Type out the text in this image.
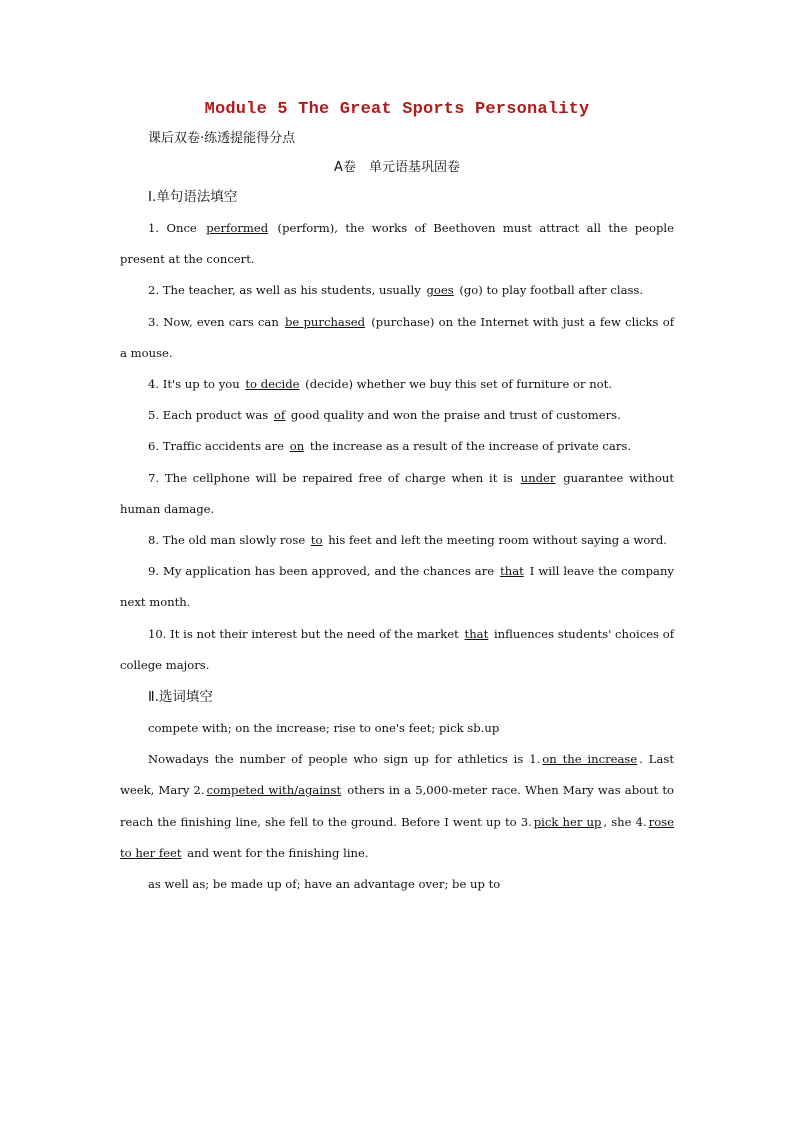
Module 5 The Great Sports Personality
课后双卷·练透提能得分点
A卷　单元语基巩固卷
Ⅰ.单句语法填空

1. Once performed (perform), the works of Beethoven must attract all the people present at the concert.

2. The teacher, as well as his students, usually goes (go) to play football after class.

3. Now, even cars can be purchased (purchase) on the Internet with just a few clicks of a mouse.

4. It's up to you to decide (decide) whether we buy this set of furniture or not.

5. Each product was of good quality and won the praise and trust of customers.

6. Traffic accidents are on the increase as a result of the increase of private cars.

7. The cellphone will be repaired free of charge when it is under guarantee without human damage.

8. The old man slowly rose to his feet and left the meeting room without saying a word.

9. My application has been approved, and the chances are that I will leave the company next month.

10. It is not their interest but the need of the market that influences students' choices of college majors.

Ⅱ.选词填空

compete with; on the increase; rise to one's feet; pick sb.up

Nowadays the number of people who sign up for athletics is 1. on the increase . Last week, Mary 2. competed with/against others in a 5,000-meter race. When Mary was about to reach the finishing line, she fell to the ground. Before I went up to 3. pick her up , she 4. rose to her feet and went for the finishing line.

as well as; be made up of; have an advantage over; be up to
